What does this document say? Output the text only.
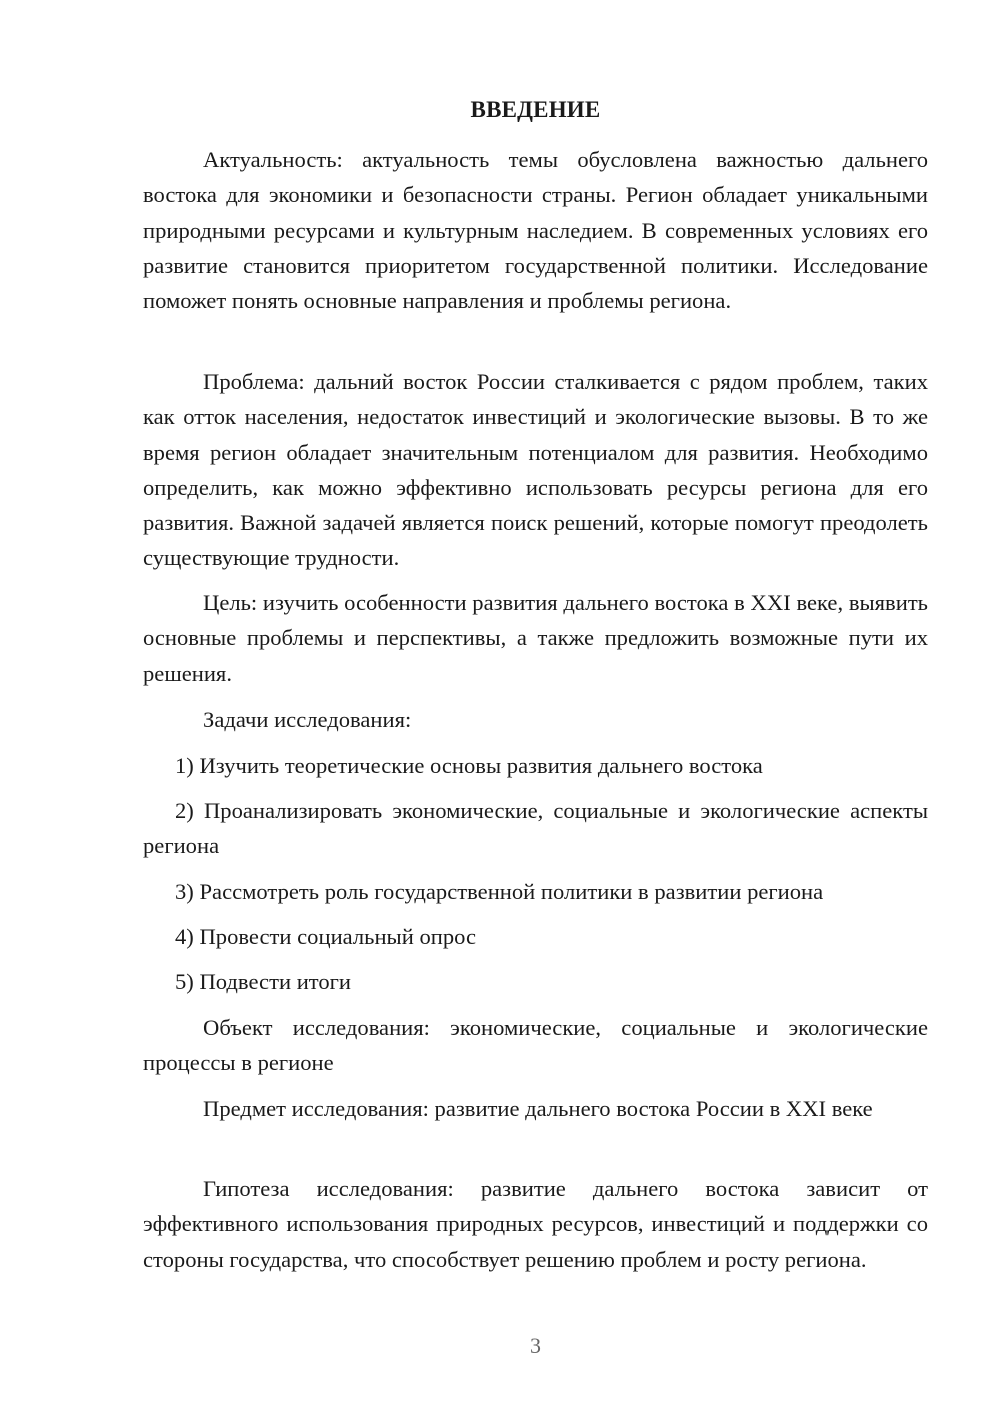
ВВЕДЕНИЕ

Актуальность: актуальность темы обусловлена важностью дальнего востока для экономики и безопасности страны. Регион обладает уникальными природными ресурсами и культурным наследием. В современных условиях его развитие становится приоритетом государственной политики. Исследование поможет понять основные направления и проблемы региона.

Проблема: дальний восток России сталкивается с рядом проблем, таких как отток населения, недостаток инвестиций и экологические вызовы. В то же время регион обладает значительным потенциалом для развития. Необходимо определить, как можно эффективно использовать ресурсы региона для его развития. Важной задачей является поиск решений, которые помогут преодолеть существующие трудности.

Цель: изучить особенности развития дальнего востока в XXI веке, выявить основные проблемы и перспективы, а также предложить возможные пути их решения.

Задачи исследования:

1) Изучить теоретические основы развития дальнего востока

2) Проанализировать экономические, социальные и экологические аспекты региона

3) Рассмотреть роль государственной политики в развитии региона

4) Провести социальный опрос

5) Подвести итоги

Объект исследования: экономические, социальные и экологические процессы в регионе

Предмет исследования: развитие дальнего востока России в XXI веке

Гипотеза исследования: развитие дальнего востока зависит от эффективного использования природных ресурсов, инвестиций и поддержки со стороны государства, что способствует решению проблем и росту региона.

3
